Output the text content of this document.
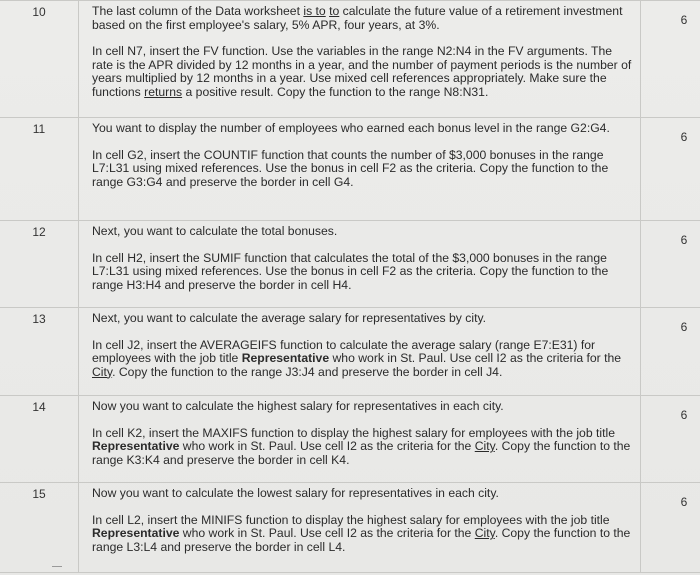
10	The last column of the Data worksheet is to to calculate the future value of a retirement investment based on the first employee's salary, 5% APR, four years, at 3%.

In cell N7, insert the FV function. Use the variables in the range N2:N4 in the FV arguments. The rate is the APR divided by 12 months in a year, and the number of payment periods is the number of years multiplied by 12 months in a year. Use mixed cell references appropriately. Make sure the functions returns a positive result. Copy the function to the range N8:N31.	6
11	You want to display the number of employees who earned each bonus level in the range G2:G4.

In cell G2, insert the COUNTIF function that counts the number of $3,000 bonuses in the range L7:L31 using mixed references. Use the bonus in cell F2 as the criteria. Copy the function to the range G3:G4 and preserve the border in cell G4.	6
12	Next, you want to calculate the total bonuses.

In cell H2, insert the SUMIF function that calculates the total of the $3,000 bonuses in the range L7:L31 using mixed references. Use the bonus in cell F2 as the criteria. Copy the function to the range H3:H4 and preserve the border in cell H4.	6
13	Next, you want to calculate the average salary for representatives by city.

In cell J2, insert the AVERAGEIFS function to calculate the average salary (range E7:E31) for employees with the job title Representative who work in St. Paul. Use cell I2 as the criteria for the City. Copy the function to the range J3:J4 and preserve the border in cell J4.	6
14	Now you want to calculate the highest salary for representatives in each city.

In cell K2, insert the MAXIFS function to display the highest salary for employees with the job title Representative who work in St. Paul. Use cell I2 as the criteria for the City. Copy the function to the range K3:K4 and preserve the border in cell K4.	6
15	Now you want to calculate the lowest salary for representatives in each city.

In cell L2, insert the MINIFS function to display the highest salary for employees with the job title Representative who work in St. Paul. Use cell I2 as the criteria for the City. Copy the function to the range L3:L4 and preserve the border in cell L4.	6
